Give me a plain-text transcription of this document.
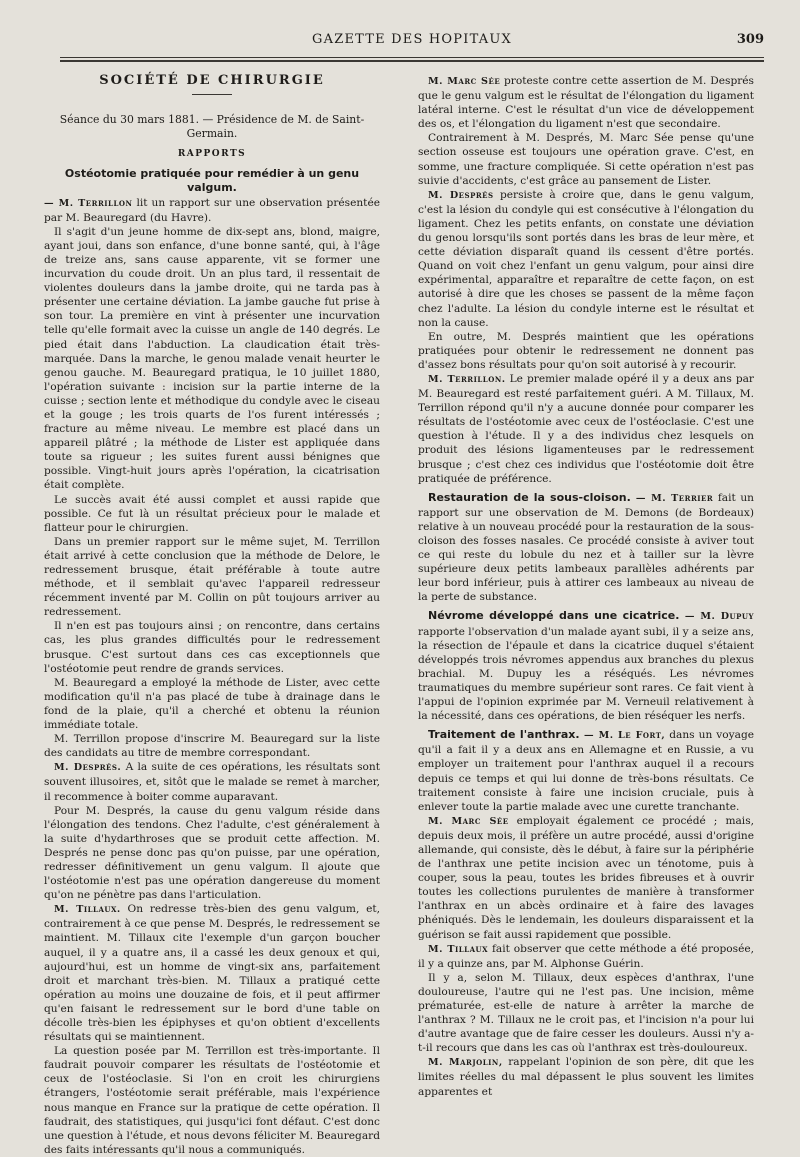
GAZETTE DES HOPITAUX	309
SOCIÉTÉ DE CHIRURGIE
Séance du 30 mars 1881. — Présidence de M. de Saint-Germain.
RAPPORTS
Ostéotomie pratiquée pour remédier à un genu valgum.

— M. Terrillon lit un rapport sur une observation présentée par M. Beauregard (du Havre).

Il s'agit d'un jeune homme de dix-sept ans, blond, maigre, ayant joui, dans son enfance, d'une bonne santé, qui, à l'âge de treize ans, sans cause apparente, vit se former une incurvation du coude droit. Un an plus tard, il ressentait de violentes douleurs dans la jambe droite, qui ne tarda pas à présenter une certaine déviation. La jambe gauche fut prise à son tour. La première en vint à présenter une incurvation telle qu'elle formait avec la cuisse un angle de 140 degrés. Le pied était dans l'abduction. La claudication était très-marquée. Dans la marche, le genou malade venait heurter le genou gauche. M. Beauregard pratiqua, le 10 juillet 1880, l'opération suivante : incision sur la partie interne de la cuisse ; section lente et méthodique du condyle avec le ciseau et la gouge ; les trois quarts de l'os furent intéressés ; fracture au même niveau. Le membre est placé dans un appareil plâtré ; la méthode de Lister est appliquée dans toute sa rigueur ; les suites furent aussi bénignes que possible. Vingt-huit jours après l'opération, la cicatrisation était complète.

Le succès avait été aussi complet et aussi rapide que possible. Ce fut là un résultat précieux pour le malade et flatteur pour le chirurgien.

Dans un premier rapport sur le même sujet, M. Terrillon était arrivé à cette conclusion que la méthode de Delore, le redressement brusque, était préférable à toute autre méthode, et il semblait qu'avec l'appareil redresseur récemment inventé par M. Collin on pût toujours arriver au redressement.

Il n'en est pas toujours ainsi ; on rencontre, dans certains cas, les plus grandes difficultés pour le redressement brusque. C'est surtout dans ces cas exceptionnels que l'ostéotomie peut rendre de grands services.

M. Beauregard a employé la méthode de Lister, avec cette modification qu'il n'a pas placé de tube à drainage dans le fond de la plaie, qu'il a cherché et obtenu la réunion immédiate totale.

M. Terrillon propose d'inscrire M. Beauregard sur la liste des candidats au titre de membre correspondant.

M. Després. A la suite de ces opérations, les résultats sont souvent illusoires, et, sitôt que le malade se remet à marcher, il recommence à boiter comme auparavant.

Pour M. Després, la cause du genu valgum réside dans l'élongation des tendons. Chez l'adulte, c'est généralement à la suite d'hydarthroses que se produit cette affection. M. Després ne pense donc pas qu'on puisse, par une opération, redresser définitivement un genu valgum. Il ajoute que l'ostéotomie n'est pas une opération dangereuse du moment qu'on ne pénètre pas dans l'articulation.

M. Tillaux. On redresse très-bien des genu valgum, et, contrairement à ce que pense M. Després, le redressement se maintient. M. Tillaux cite l'exemple d'un garçon boucher auquel, il y a quatre ans, il a cassé les deux genoux et qui, aujourd'hui, est un homme de vingt-six ans, parfaitement droit et marchant très-bien. M. Tillaux a pratiqué cette opération au moins une douzaine de fois, et il peut affirmer qu'en faisant le redressement sur le bord d'une table on décolle très-bien les épiphyses et qu'on obtient d'excellents résultats qui se maintiennent.

La question posée par M. Terrillon est très-importante. Il faudrait pouvoir comparer les résultats de l'ostéotomie et ceux de l'ostéoclasie. Si l'on en croit les chirurgiens étrangers, l'ostéotomie serait préférable, mais l'expérience nous manque en France sur la pratique de cette opération. Il faudrait, des statistiques, qui jusqu'ici font défaut. C'est donc une question à l'étude, et nous devons féliciter M. Beauregard des faits intéressants qu'il nous a communiqués.

M. Marc Sée proteste contre cette assertion de M. Després que le genu valgum est le résultat de l'élongation du ligament latéral interne. C'est le résultat d'un vice de développement des os, et l'élongation du ligament n'est que secondaire.

Contrairement à M. Després, M. Marc Sée pense qu'une section osseuse est toujours une opération grave. C'est, en somme, une fracture compliquée. Si cette opération n'est pas suivie d'accidents, c'est grâce au pansement de Lister.

M. Després persiste à croire que, dans le genu valgum, c'est la lésion du condyle qui est consécutive à l'élongation du ligament. Chez les petits enfants, on constate une déviation du genou lorsqu'ils sont portés dans les bras de leur mère, et cette déviation disparaît quand ils cessent d'être portés. Quand on voit chez l'enfant un genu valgum, pour ainsi dire expérimental, apparaître et reparaître de cette façon, on est autorisé à dire que les choses se passent de la même façon chez l'adulte. La lésion du condyle interne est le résultat et non la cause.

En outre, M. Després maintient que les opérations pratiquées pour obtenir le redressement ne donnent pas d'assez bons résultats pour qu'on soit autorisé à y recourir.

M. Terrillon. Le premier malade opéré il y a deux ans par M. Beauregard est resté parfaitement guéri. A M. Tillaux, M. Terrillon répond qu'il n'y a aucune donnée pour comparer les résultats de l'ostéotomie avec ceux de l'ostéoclasie. C'est une question à l'étude. Il y a des individus chez lesquels on produit des lésions ligamenteuses par le redressement brusque ; c'est chez ces individus que l'ostéotomie doit être pratiquée de préférence.

Restauration de la sous-cloison. — M. Terrier fait un rapport sur une observation de M. Demons (de Bordeaux) relative à un nouveau procédé pour la restauration de la sous-cloison des fosses nasales. Ce procédé consiste à aviver tout ce qui reste du lobule du nez et à tailler sur la lèvre supérieure deux petits lambeaux parallèles adhérents par leur bord inférieur, puis à attirer ces lambeaux au niveau de la perte de substance.

Névrome développé dans une cicatrice. — M. Dupuy rapporte l'observation d'un malade ayant subi, il y a seize ans, la résection de l'épaule et dans la cicatrice duquel s'étaient développés trois névromes appendus aux branches du plexus brachial. M. Dupuy les a réséqués. Les névromes traumatiques du membre supérieur sont rares. Ce fait vient à l'appui de l'opinion exprimée par M. Verneuil relativement à la nécessité, dans ces opérations, de bien réséquer les nerfs.

Traitement de l'anthrax. — M. Le Fort, dans un voyage qu'il a fait il y a deux ans en Allemagne et en Russie, a vu employer un traitement pour l'anthrax auquel il a recours depuis ce temps et qui lui donne de très-bons résultats. Ce traitement consiste à faire une incision cruciale, puis à enlever toute la partie malade avec une curette tranchante.

M. Marc Sée employait également ce procédé ; mais, depuis deux mois, il préfère un autre procédé, aussi d'origine allemande, qui consiste, dès le début, à faire sur la périphérie de l'anthrax une petite incision avec un ténotome, puis à couper, sous la peau, toutes les brides fibreuses et à ouvrir toutes les collections purulentes de manière à transformer l'anthrax en un abcès ordinaire et à faire des lavages phéniqués. Dès le lendemain, les douleurs disparaissent et la guérison se fait aussi rapidement que possible.

M. Tillaux fait observer que cette méthode a été proposée, il y a quinze ans, par M. Alphonse Guérin.

Il y a, selon M. Tillaux, deux espèces d'anthrax, l'une douloureuse, l'autre qui ne l'est pas. Une incision, même prématurée, est-elle de nature à arrêter la marche de l'anthrax ? M. Tillaux ne le croit pas, et l'incision n'a pour lui d'autre avantage que de faire cesser les douleurs. Aussi n'y a-t-il recours que dans les cas où l'anthrax est très-douloureux.

M. Marjolin, rappelant l'opinion de son père, dit que les limites réelles du mal dépassent le plus souvent les limites apparentes et
